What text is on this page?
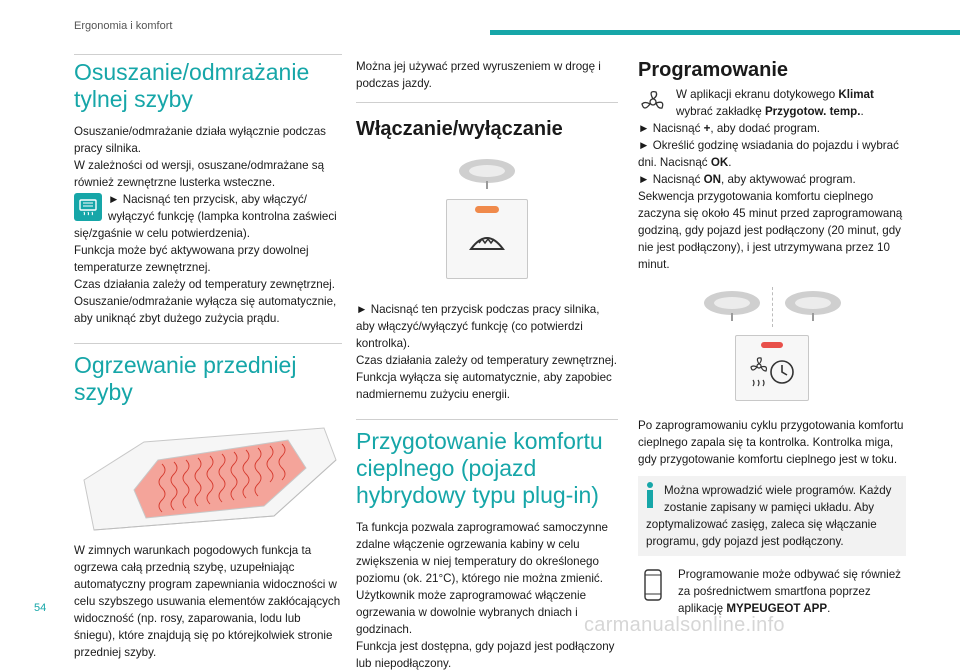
Ergonomia i komfort
Osuszanie/odmrażanie
tylnej szyby
Osuszanie/odmrażanie działa wyłącznie podczas pracy silnika.
W zależności od wersji, osuszane/odmrażane są również zewnętrzne lusterka wsteczne.
► Nacisnąć ten przycisk, aby włączyć/ wyłączyć funkcję (lampka kontrolna zaświeci się/zgaśnie w celu potwierdzenia).
Funkcja może być aktywowana przy dowolnej temperaturze zewnętrznej.
Czas działania zależy od temperatury zewnętrznej.
Osuszanie/odmrażanie wyłącza się automatycznie, aby uniknąć zbyt dużego zużycia prądu.
Ogrzewanie przedniej szyby
W zimnych warunkach pogodowych funkcja ta ogrzewa całą przednią szybę, uzupełniając automatyczny program zapewniania widoczności w celu szybszego usuwania elementów zakłócających widoczność (np. rosy, zaparowania, lodu lub śniegu), które znajdują się po którejkolwiek stronie przedniej szyby.
Można jej używać przed wyruszeniem w drogę i podczas jazdy.
Włączanie/wyłączanie
► Nacisnąć ten przycisk podczas pracy silnika, aby włączyć/wyłączyć funkcję (co potwierdzi kontrolka).
Czas działania zależy od temperatury zewnętrznej.
Funkcja wyłącza się automatycznie, aby zapobiec nadmiernemu zużyciu energii.
Przygotowanie komfortu
cieplnego (pojazd
hybrydowy typu plug-in)
Ta funkcja pozwala zaprogramować samoczynne zdalne włączenie ogrzewania kabiny w celu zwiększenia w niej temperatury do określonego poziomu (ok. 21°C), którego nie można zmienić.
Użytkownik może zaprogramować włączenie ogrzewania w dowolnie wybranych dniach i godzinach.
Funkcja jest dostępna, gdy pojazd jest podłączony lub niepodłączony.
Programowanie
W aplikacji ekranu dotykowego Klimat wybrać zakładkę Przygotow. temp..
► Nacisnąć +, aby dodać program.
► Określić godzinę wsiadania do pojazdu i wybrać dni. Nacisnąć OK.
► Nacisnąć ON, aby aktywować program.
Sekwencja przygotowania komfortu cieplnego zaczyna się około 45 minut przed zaprogramowaną godziną, gdy pojazd jest podłączony (20 minut, gdy nie jest podłączony), i jest utrzymywana przez 10 minut.
Po zaprogramowaniu cyklu przygotowania komfortu cieplnego zapala się ta kontrolka. Kontrolka miga, gdy przygotowanie komfortu cieplnego jest w toku.
Można wprowadzić wiele programów. Każdy zostanie zapisany w pamięci układu. Aby zoptymalizować zasięg, zaleca się włączanie programu, gdy pojazd jest podłączony.
Programowanie może odbywać się również za pośrednictwem smartfona poprzez aplikację MYPEUGEOT APP.
54
carmanualsonline.info
